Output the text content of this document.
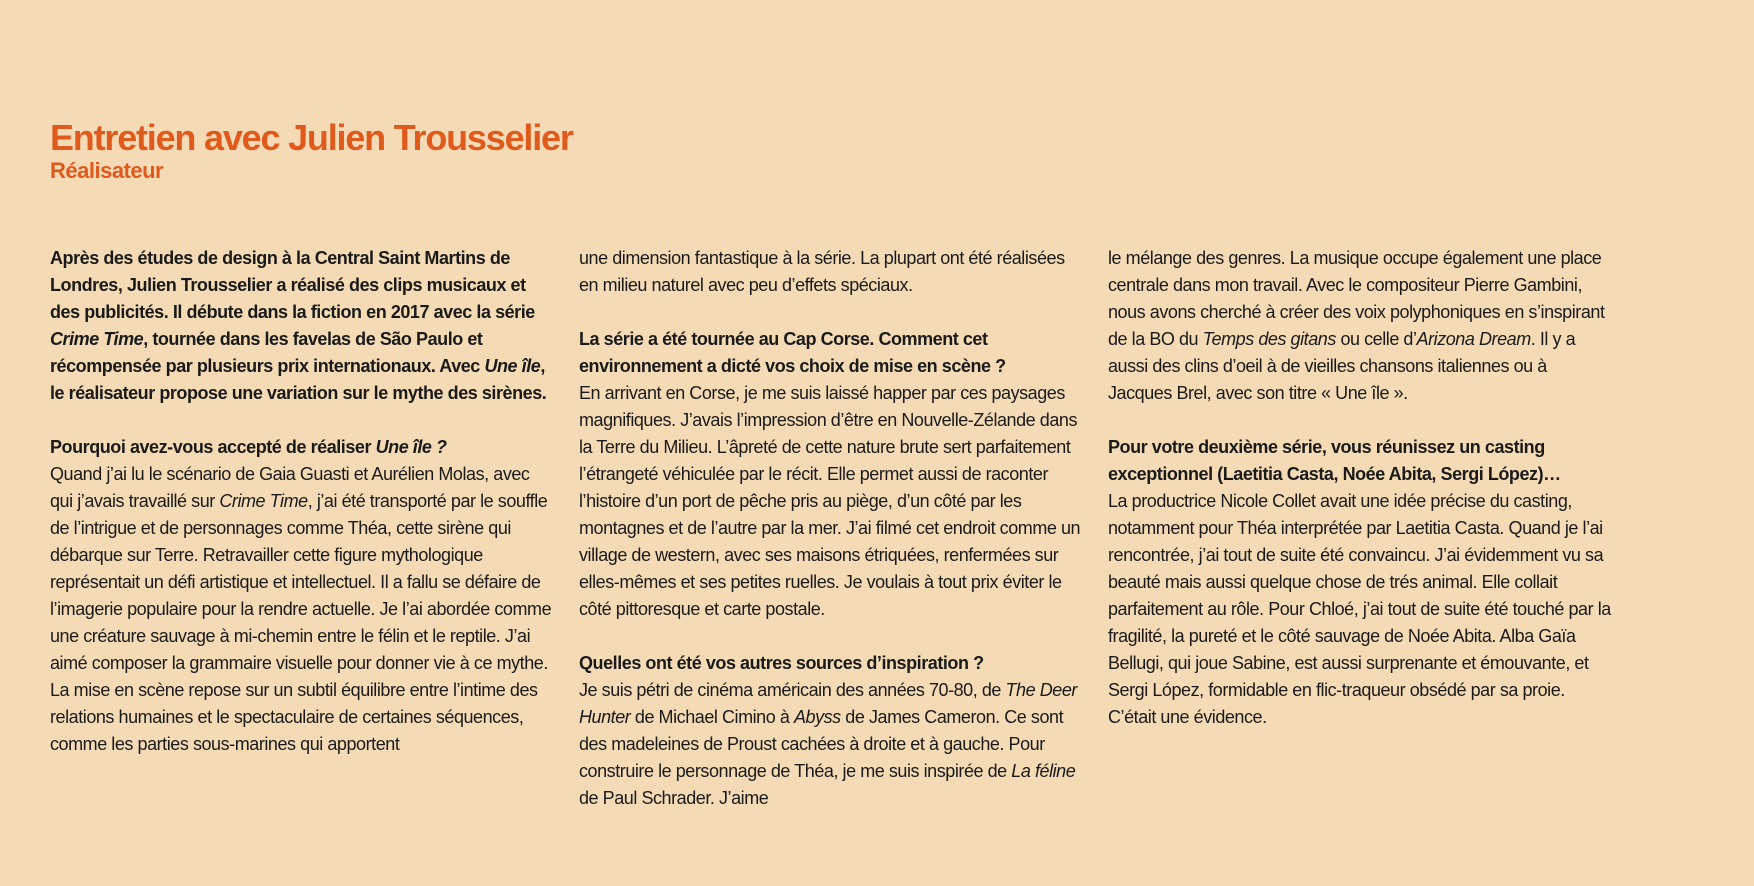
Entretien avec Julien Trousselier
Réalisateur

Après des études de design à la Central Saint Martins de Londres, Julien Trousselier a réalisé des clips musicaux et des publicités. Il débute dans la fiction en 2017 avec la série Crime Time, tournée dans les favelas de São Paulo et récompensée par plusieurs prix internationaux. Avec Une île, le réalisateur propose une variation sur le mythe des sirènes.

Pourquoi avez-vous accepté de réaliser Une île ?

Quand j’ai lu le scénario de Gaia Guasti et Aurélien Molas, avec qui j’avais travaillé sur Crime Time, j’ai été transporté par le souffle de l’intrigue et de personnages comme Théa, cette sirène qui débarque sur Terre. Retravailler cette figure mythologique représentait un défi artistique et intellectuel. Il a fallu se défaire de l’imagerie populaire pour la rendre actuelle. Je l’ai abordée comme une créature sauvage à mi-chemin entre le félin et le reptile. J’ai aimé composer la grammaire visuelle pour donner vie à ce mythe. La mise en scène repose sur un subtil équilibre entre l’intime des relations humaines et le spectaculaire de certaines séquences, comme les parties sous-marines qui apportent

une dimension fantastique à la série. La plupart ont été réalisées en milieu naturel avec peu d’effets spéciaux.

La série a été tournée au Cap Corse. Comment cet environnement a dicté vos choix de mise en scène ?

En arrivant en Corse, je me suis laissé happer par ces paysages magnifiques. J’avais l’impression d’être en Nouvelle-Zélande dans la Terre du Milieu. L’âpreté de cette nature brute sert parfaitement l’étrangeté véhiculée par le récit. Elle permet aussi de raconter l’histoire d’un port de pêche pris au piège, d’un côté par les montagnes et de l’autre par la mer. J’ai filmé cet endroit comme un village de western, avec ses maisons étriquées, renfermées sur elles-mêmes et ses petites ruelles. Je voulais à tout prix éviter le côté pittoresque et carte postale.

Quelles ont été vos autres sources d’inspiration ?

Je suis pétri de cinéma américain des années 70-80, de The Deer Hunter de Michael Cimino à Abyss de James Cameron. Ce sont des madeleines de Proust cachées à droite et à gauche. Pour construire le personnage de Théa, je me suis inspirée de La féline de Paul Schrader. J’aime

le mélange des genres. La musique occupe également une place centrale dans mon travail. Avec le compositeur Pierre Gambini, nous avons cherché à créer des voix polyphoniques en s’inspirant de la BO du Temps des gitans ou celle d’Arizona Dream. Il y a aussi des clins d’oeil à de vieilles chansons italiennes ou à Jacques Brel, avec son titre « Une île ».

Pour votre deuxième série, vous réunissez un casting exceptionnel (Laetitia Casta, Noée Abita, Sergi López)…

La productrice Nicole Collet avait une idée précise du casting, notamment pour Théa interprétée par Laetitia Casta. Quand je l’ai rencontrée, j’ai tout de suite été convaincu. J’ai évidemment vu sa beauté mais aussi quelque chose de trés animal. Elle collait parfaitement au rôle. Pour Chloé, j’ai tout de suite été touché par la fragilité, la pureté et le côté sauvage de Noée Abita. Alba Gaïa Bellugi, qui joue Sabine, est aussi surprenante et émouvante, et Sergi López, formidable en flic-traqueur obsédé par sa proie. C’était une évidence.
